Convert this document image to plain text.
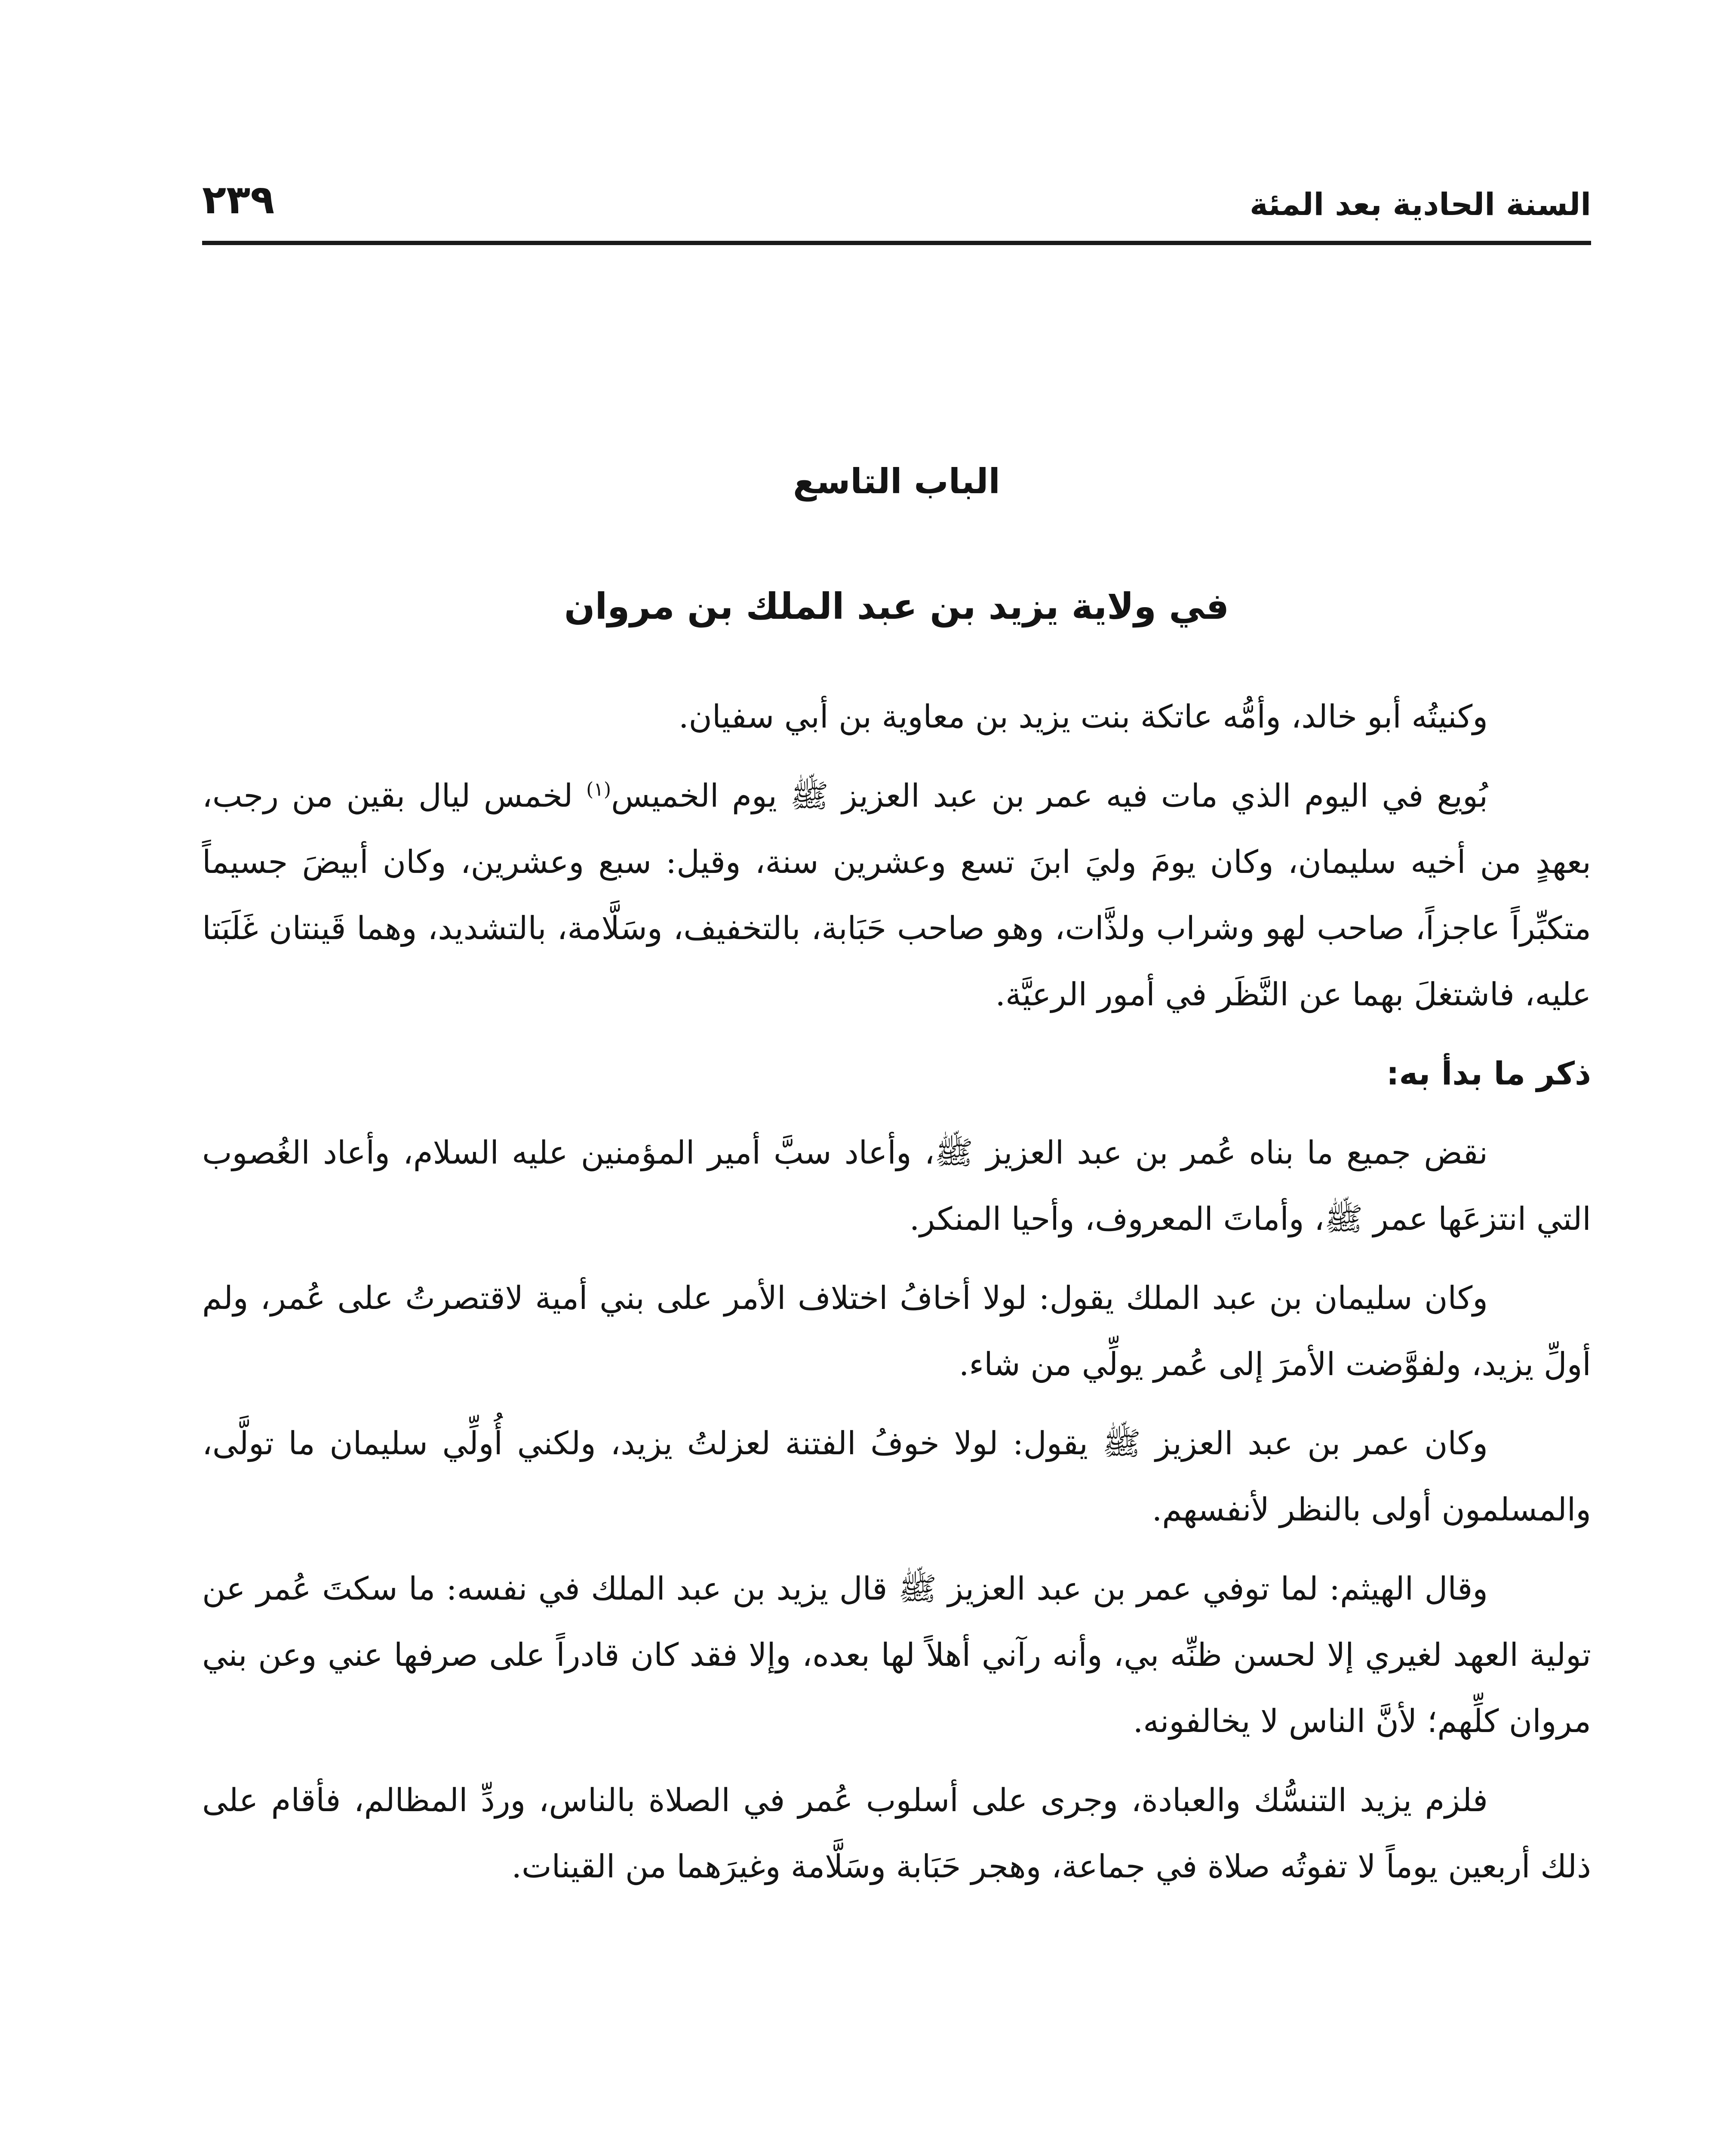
السنة الحادية بعد المئة
٢٣٩
الباب التاسع
في ولاية يزيد بن عبد الملك بن مروان

وكنيتُه أبو خالد، وأمُّه عاتكة بنت يزيد بن معاوية بن أبي سفيان.

بُويع في اليوم الذي مات فيه عمر بن عبد العزيز ﷺ يوم الخميس$^{(١)}$ لخمس ليال بقين من رجب، بعهدٍ من أخيه سليمان، وكان يومَ وليَ ابنَ تسع وعشرين سنة، وقيل: سبع وعشرين، وكان أبيضَ جسيماً متكبِّراً عاجزاً، صاحب لهو وشراب ولذَّات، وهو صاحب حَبَابة، بالتخفيف، وسَلَّامة، بالتشديد، وهما قَينتان غَلَبَتا عليه، فاشتغلَ بهما عن النَّظَر في أمور الرعيَّة.

ذكر ما بدأ به:

نقض جميع ما بناه عُمر بن عبد العزيز ﷺ، وأعاد سبَّ أمير المؤمنين عليه السلام، وأعاد الغُصوب التي انتزعَها عمر ﷺ، وأماتَ المعروف، وأحيا المنكر.

وكان سليمان بن عبد الملك يقول: لولا أخافُ اختلاف الأمر على بني أمية لاقتصرتُ على عُمر، ولم أولِّ يزيد، ولفوَّضت الأمرَ إلى عُمر يولِّي من شاء.

وكان عمر بن عبد العزيز ﷺ يقول: لولا خوفُ الفتنة لعزلتُ يزيد، ولكني أُولِّي سليمان ما تولَّى، والمسلمون أولى بالنظر لأنفسهم.

وقال الهيثم: لما توفي عمر بن عبد العزيز ﷺ قال يزيد بن عبد الملك في نفسه: ما سكتَ عُمر عن تولية العهد لغيري إلا لحسن ظنِّه بي، وأنه رآني أهلاً لها بعده، وإلا فقد كان قادراً على صرفها عني وعن بني مروان كلِّهم؛ لأنَّ الناس لا يخالفونه.

فلزم يزيد التنسُّك والعبادة، وجرى على أسلوب عُمر في الصلاة بالناس، وردِّ المظالم، فأقام على ذلك أربعين يوماً لا تفوتُه صلاة في جماعة، وهجر حَبَابة وسَلَّامة وغيرَهما من القينات.
